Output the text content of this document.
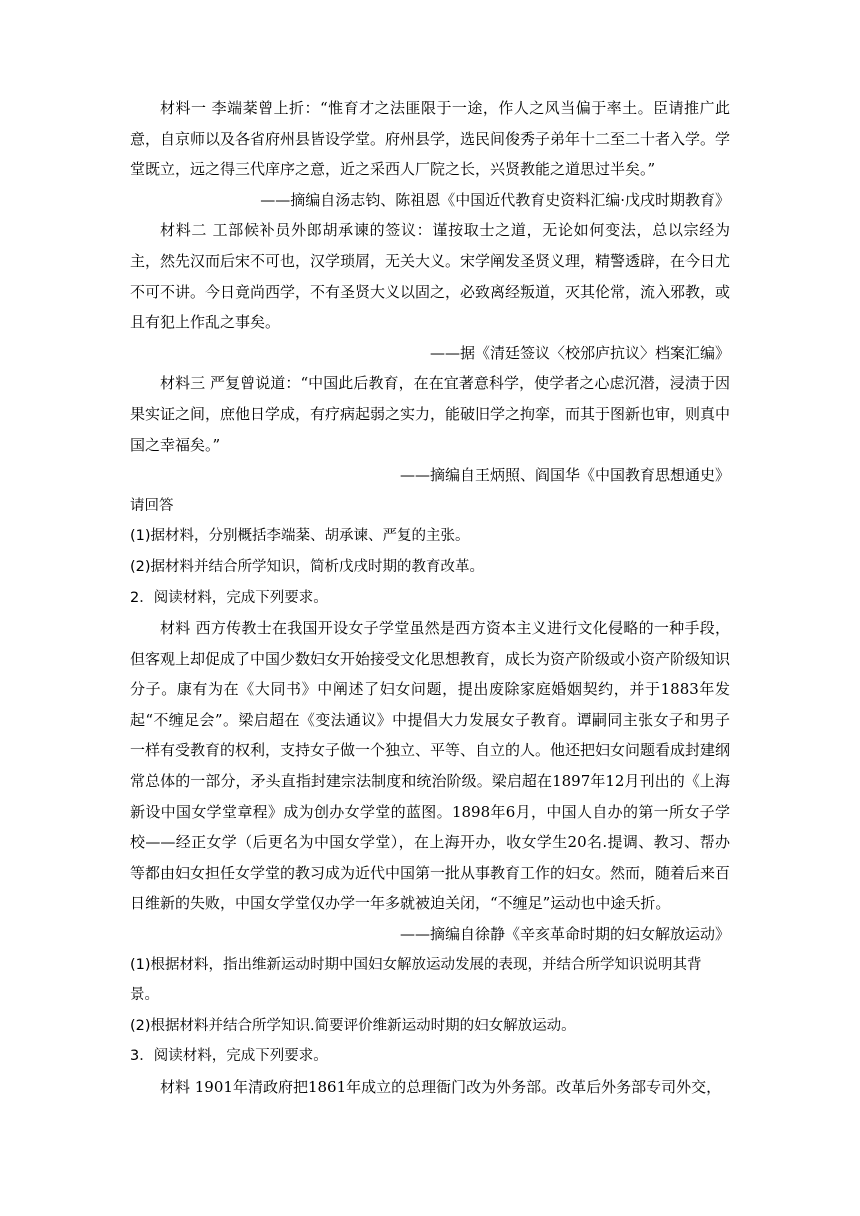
材料一 李端棻曾上折：“惟育才之法匪限于一途，作人之风当偏于率土。臣请推广此意，自京师以及各省府州县皆设学堂。府州县学，选民间俊秀子弟年十二至二十者入学。学堂既立，远之得三代庠序之意，近之采西人厂院之长，兴贤教能之道思过半矣。”

——摘编自汤志钧、陈祖恩《中国近代教育史资料汇编·戊戌时期教育》

材料二 工部候补员外郎胡承谏的签议：谨按取士之道，无论如何变法，总以宗经为主，然先汉而后宋不可也，汉学琐屑，无关大义。宋学阐发圣贤义理，精警透辟，在今日尤不可不讲。今日竟尚西学，不有圣贤大义以固之，必致离经叛道，灭其伦常，流入邪教，或且有犯上作乱之事矣。

——据《清廷签议〈校邠庐抗议〉档案汇编》

材料三 严复曾说道：“中国此后教育，在在宜著意科学，使学者之心虑沉潜，浸渍于因果实证之间，庶他日学成，有疗病起弱之实力，能破旧学之拘挛，而其于图新也审，则真中国之幸福矣。”

——摘编自王炳照、阎国华《中国教育思想通史》

请回答

(1)据材料，分别概括李端棻、胡承谏、严复的主张。

(2)据材料并结合所学知识，简析戊戌时期的教育改革。

2．阅读材料，完成下列要求。

材料 西方传教士在我国开设女子学堂虽然是西方资本主义进行文化侵略的一种手段，但客观上却促成了中国少数妇女开始接受文化思想教育，成长为资产阶级或小资产阶级知识分子。康有为在《大同书》中阐述了妇女问题，提出废除家庭婚姻契约，并于1883年发起“不缠足会”。梁启超在《变法通议》中提倡大力发展女子教育。谭嗣同主张女子和男子一样有受教育的权利，支持女子做一个独立、平等、自立的人。他还把妇女问题看成封建纲常总体的一部分，矛头直指封建宗法制度和统治阶级。梁启超在1897年12月刊出的《上海新设中国女学堂章程》成为创办女学堂的蓝图。1898年6月，中国人自办的第一所女子学校——经正女学（后更名为中国女学堂），在上海开办，收女学生20名.提调、教习、帮办等都由妇女担任女学堂的教习成为近代中国第一批从事教育工作的妇女。然而，随着后来百日维新的失败，中国女学堂仅办学一年多就被迫关闭，“不缠足”运动也中途夭折。

——摘编自徐静《辛亥革命时期的妇女解放运动》

(1)根据材料，指出维新运动时期中国妇女解放运动发展的表现，并结合所学知识说明其背景。

(2)根据材料并结合所学知识.简要评价维新运动时期的妇女解放运动。

3．阅读材料，完成下列要求。

材料 1901年清政府把1861年成立的总理衙门改为外务部。改革后外务部专司外交，
